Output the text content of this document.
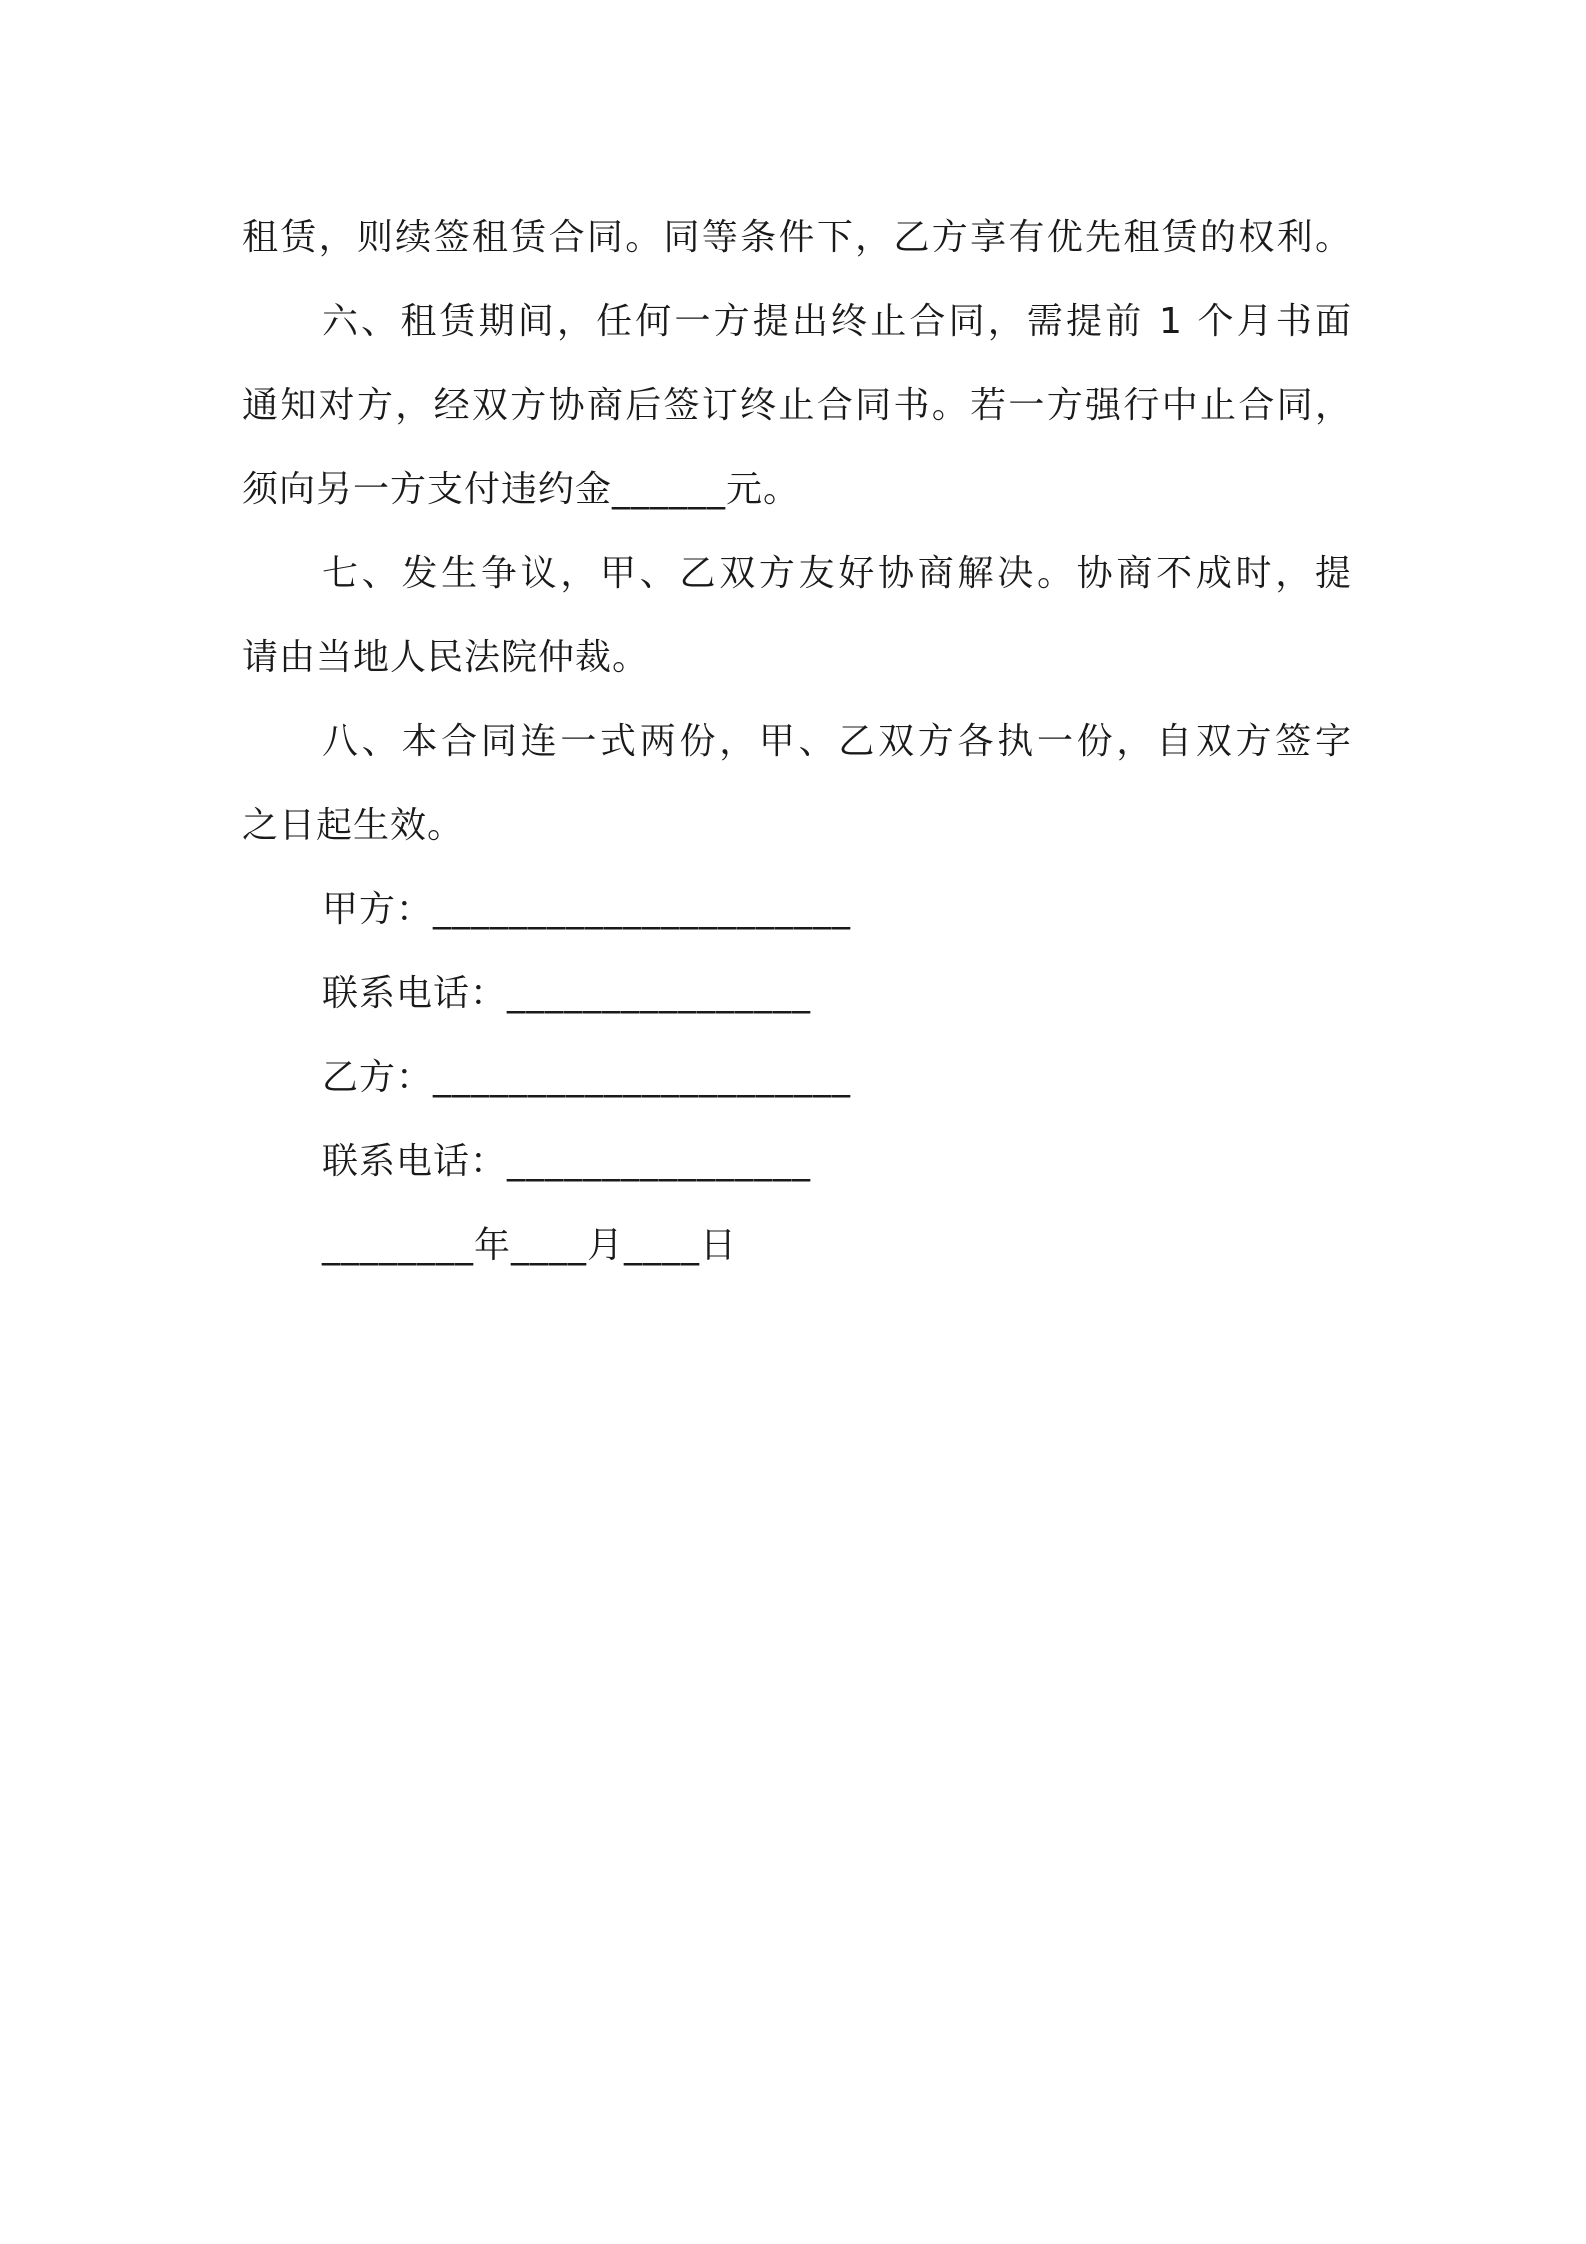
租赁，则续签租赁合同。同等条件下，乙方享有优先租赁的权利。
六、租赁期间，任何一方提出终止合同，需提前 1 个月书面
通知对方，经双方协商后签订终止合同书。若一方强行中止合同，
须向另一方支付违约金______元。
七、发生争议，甲、乙双方友好协商解决。协商不成时，提
请由当地人民法院仲裁。
八、本合同连一式两份，甲、乙双方各执一份，自双方签字
之日起生效。
甲方：______________________
联系电话：________________
乙方：______________________
联系电话：________________
________年____月____日
